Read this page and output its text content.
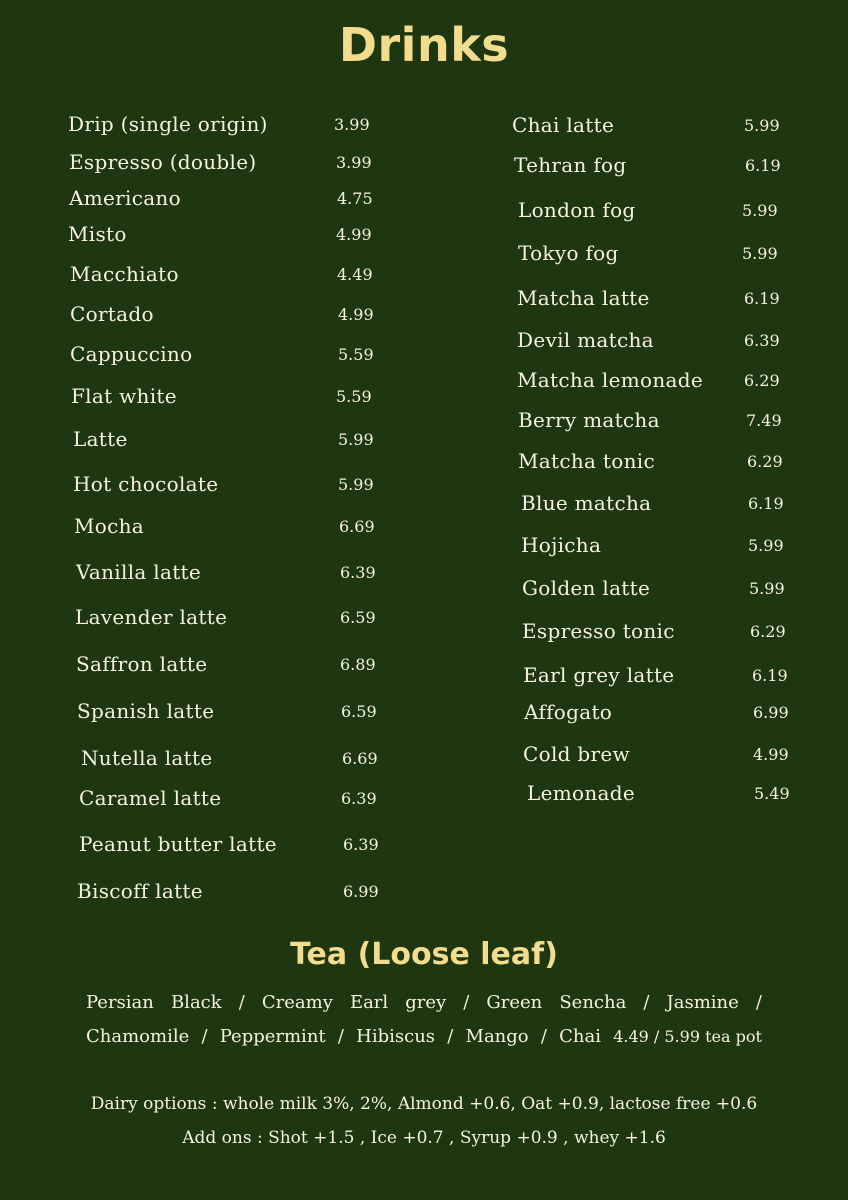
Drinks
Drip (single origin)	3.99
Espresso (double)	3.99
Americano	4.75
Misto	4.99
Macchiato	4.49
Cortado	4.99
Cappuccino	5.59
Flat white	5.59
Latte	5.99
Hot chocolate	5.99
Mocha	6.69
Vanilla latte	6.39
Lavender latte	6.59
Saffron latte	6.89
Spanish latte	6.59
Nutella latte	6.69
Caramel latte	6.39
Peanut butter latte	6.39
Biscoff latte	6.99
Chai latte	5.99
Tehran fog	6.19
London fog	5.99
Tokyo fog	5.99
Matcha latte	6.19
Devil matcha	6.39
Matcha lemonade	6.29
Berry matcha	7.49
Matcha tonic	6.29
Blue matcha	6.19
Hojicha	5.99
Golden latte	5.99
Espresso tonic	6.29
Earl grey latte	6.19
Affogato	6.99
Cold brew	4.99
Lemonade	5.49
Tea (Loose leaf)
Persian Black / Creamy Earl grey / Green Sencha / Jasmine /
Chamomile / Peppermint / Hibiscus / Mango / Chai 4.49 / 5.99 tea pot
Dairy options : whole milk 3%, 2%, Almond +0.6, Oat +0.9, lactose free +0.6
Add ons : Shot +1.5 , Ice +0.7 , Syrup +0.9 , whey +1.6
